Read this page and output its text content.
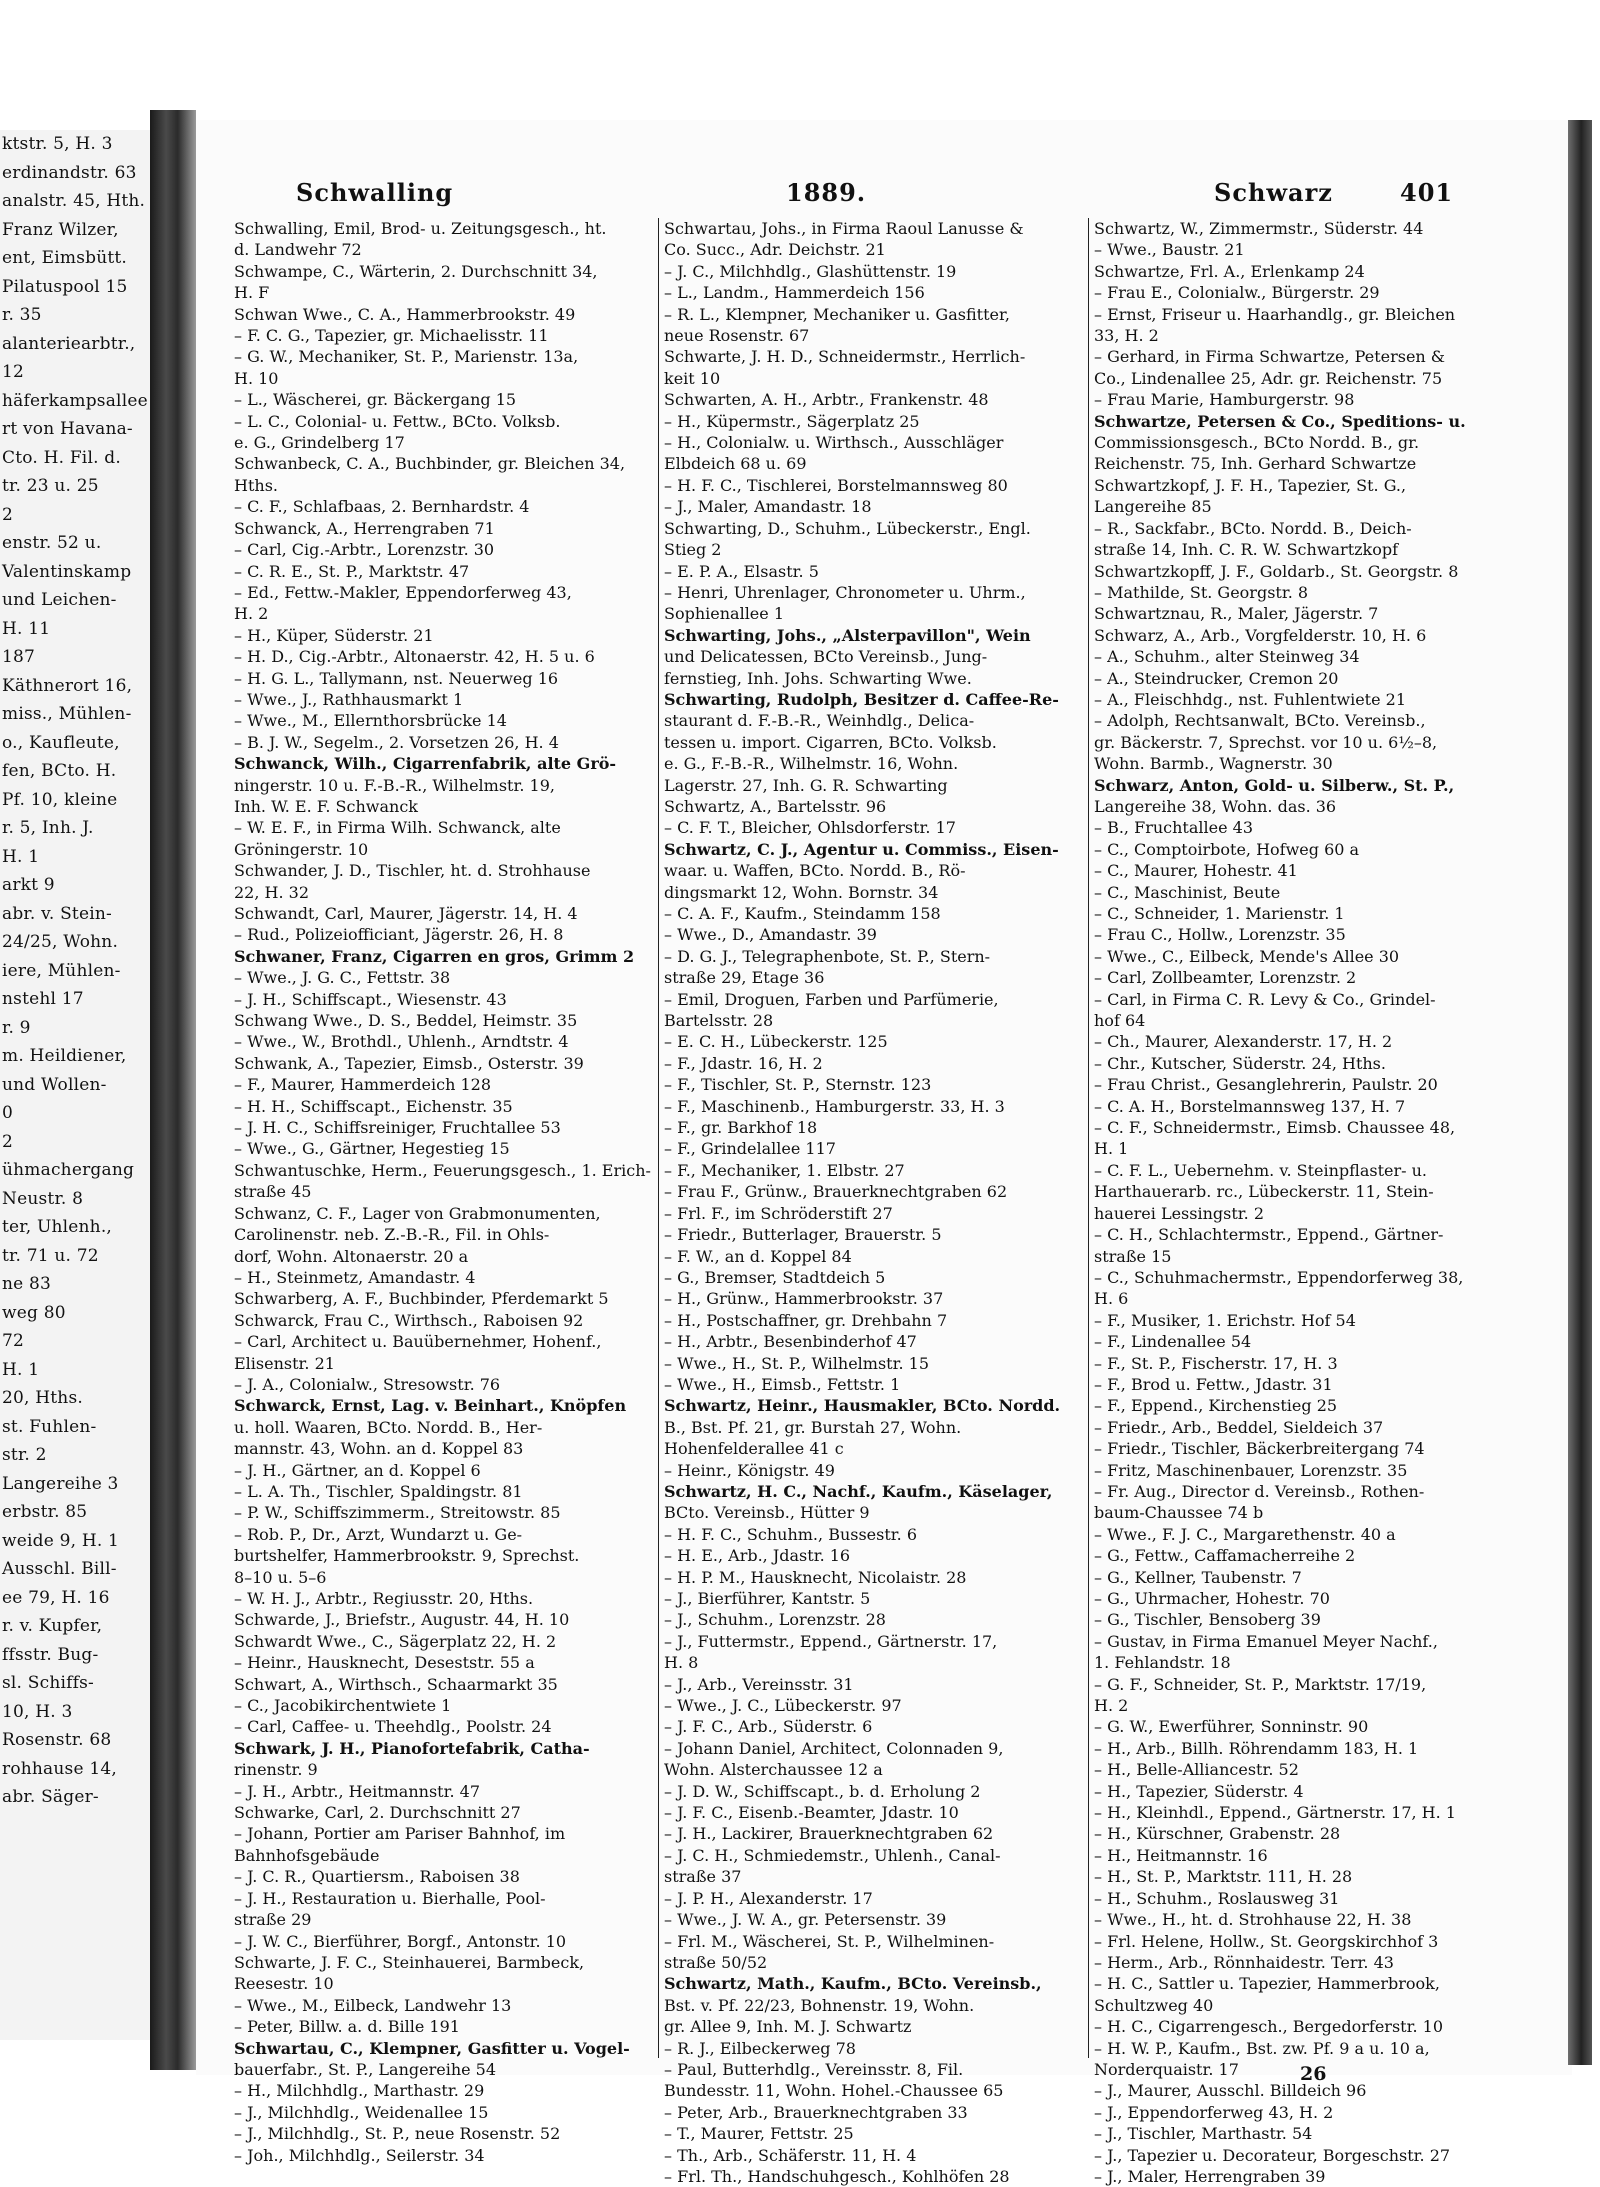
ktstr. 5, H. 3
erdinandstr. 63
analstr. 45, Hth.
Franz Wilzer,
ent, Eimsbütt.
Pilatuspool 15
r. 35
alanteriearbtr.,
12
häferkampsallee
rt von Havana-
Cto. H. Fil. d.
tr. 23 u. 25
2
enstr. 52 u.
Valentinskamp
und Leichen-
H. 11
187
Käthnerort 16,
miss., Mühlen-
o., Kaufleute,
fen, BCto. H.
Pf. 10, kleine
r. 5, Inh. J.
H. 1
arkt 9
abr. v. Stein-
24/25, Wohn.
iere, Mühlen-
nstehl 17
r. 9
m. Heildiener,
und Wollen-
0
2
ühmachergang
Neustr. 8
ter, Uhlenh.,
tr. 71 u. 72
ne 83
weg 80
72
H. 1
20, Hths.
st. Fuhlen-
str. 2
Langereihe 3
erbstr. 85
weide 9, H. 1
Ausschl. Bill-
ee 79, H. 16
r. v. Kupfer,
ffsstr. Bug-
sl. Schiffs-
10, H. 3
Rosenstr. 68
rohhause 14,
abr. Säger-
Schwalling	1889.	Schwarz	401
Schwalling, Emil, Brod- u. Zeitungsgesch., ht.
d. Landwehr 72
Schwampe, C., Wärterin, 2. Durchschnitt 34,
H. F
Schwan Wwe., C. A., Hammerbrookstr. 49
– F. C. G., Tapezier, gr. Michaelisstr. 11
– G. W., Mechaniker, St. P., Marienstr. 13a,
H. 10
– L., Wäscherei, gr. Bäckergang 15
– L. C., Colonial- u. Fettw., BCto. Volksb.
e. G., Grindelberg 17
Schwanbeck, C. A., Buchbinder, gr. Bleichen 34,
Hths.
– C. F., Schlafbaas, 2. Bernhardstr. 4
Schwanck, A., Herrengraben 71
– Carl, Cig.-Arbtr., Lorenzstr. 30
– C. R. E., St. P., Marktstr. 47
– Ed., Fettw.-Makler, Eppendorferweg 43,
H. 2
– H., Küper, Süderstr. 21
– H. D., Cig.-Arbtr., Altonaerstr. 42, H. 5 u. 6
– H. G. L., Tallymann, nst. Neuerweg 16
– Wwe., J., Rathhausmarkt 1
– Wwe., M., Ellernthorsbrücke 14
– B. J. W., Segelm., 2. Vorsetzen 26, H. 4
Schwanck, Wilh., Cigarrenfabrik, alte Grö-
ningerstr. 10 u. F.-B.-R., Wilhelmstr. 19,
Inh. W. E. F. Schwanck
– W. E. F., in Firma Wilh. Schwanck, alte
Gröningerstr. 10
Schwander, J. D., Tischler, ht. d. Strohhause
22, H. 32
Schwandt, Carl, Maurer, Jägerstr. 14, H. 4
– Rud., Polizeiofficiant, Jägerstr. 26, H. 8
Schwaner, Franz, Cigarren en gros, Grimm 2
– Wwe., J. G. C., Fettstr. 38
– J. H., Schiffscapt., Wiesenstr. 43
Schwang Wwe., D. S., Beddel, Heimstr. 35
– Wwe., W., Brothdl., Uhlenh., Arndtstr. 4
Schwank, A., Tapezier, Eimsb., Osterstr. 39
– F., Maurer, Hammerdeich 128
– H. H., Schiffscapt., Eichenstr. 35
– J. H. C., Schiffsreiniger, Fruchtallee 53
– Wwe., G., Gärtner, Hegestieg 15
Schwantuschke, Herm., Feuerungsgesch., 1. Erich-
straße 45
Schwanz, C. F., Lager von Grabmonumenten,
Carolinenstr. neb. Z.-B.-R., Fil. in Ohls-
dorf, Wohn. Altonaerstr. 20 a
– H., Steinmetz, Amandastr. 4
Schwarberg, A. F., Buchbinder, Pferdemarkt 5
Schwarck, Frau C., Wirthsch., Raboisen 92
– Carl, Architect u. Bauübernehmer, Hohenf.,
Elisenstr. 21
– J. A., Colonialw., Stresowstr. 76
Schwarck, Ernst, Lag. v. Beinhart., Knöpfen
u. holl. Waaren, BCto. Nordd. B., Her-
mannstr. 43, Wohn. an d. Koppel 83
– J. H., Gärtner, an d. Koppel 6
– L. A. Th., Tischler, Spaldingstr. 81
– P. W., Schiffszimmerm., Streitowstr. 85
– Rob. P., Dr., Arzt, Wundarzt u. Ge-
burtshelfer, Hammerbrookstr. 9, Sprechst.
8–10 u. 5–6
– W. H. J., Arbtr., Regiusstr. 20, Hths.
Schwarde, J., Briefstr., Augustr. 44, H. 10
Schwardt Wwe., C., Sägerplatz 22, H. 2
– Heinr., Hausknecht, Deseststr. 55 a
Schwart, A., Wirthsch., Schaarmarkt 35
– C., Jacobikirchentwiete 1
– Carl, Caffee- u. Theehdlg., Poolstr. 24
Schwark, J. H., Pianofortefabrik, Catha-
rinenstr. 9
– J. H., Arbtr., Heitmannstr. 47
Schwarke, Carl, 2. Durchschnitt 27
– Johann, Portier am Pariser Bahnhof, im
Bahnhofsgebäude
– J. C. R., Quartiersm., Raboisen 38
– J. H., Restauration u. Bierhalle, Pool-
straße 29
– J. W. C., Bierführer, Borgf., Antonstr. 10
Schwarte, J. F. C., Steinhauerei, Barmbeck,
Reesestr. 10
– Wwe., M., Eilbeck, Landwehr 13
– Peter, Billw. a. d. Bille 191
Schwartau, C., Klempner, Gasfitter u. Vogel-
bauerfabr., St. P., Langereihe 54
– H., Milchhdlg., Marthastr. 29
– J., Milchhdlg., Weidenallee 15
– J., Milchhdlg., St. P., neue Rosenstr. 52
– Joh., Milchhdlg., Seilerstr. 34
Schwartau, Johs., in Firma Raoul Lanusse &
Co. Succ., Adr. Deichstr. 21
– J. C., Milchhdlg., Glashüttenstr. 19
– L., Landm., Hammerdeich 156
– R. L., Klempner, Mechaniker u. Gasfitter,
neue Rosenstr. 67
Schwarte, J. H. D., Schneidermstr., Herrlich-
keit 10
Schwarten, A. H., Arbtr., Frankenstr. 48
– H., Küpermstr., Sägerplatz 25
– H., Colonialw. u. Wirthsch., Ausschläger
Elbdeich 68 u. 69
– H. F. C., Tischlerei, Borstelmannsweg 80
– J., Maler, Amandastr. 18
Schwarting, D., Schuhm., Lübeckerstr., Engl.
Stieg 2
– E. P. A., Elsastr. 5
– Henri, Uhrenlager, Chronometer u. Uhrm.,
Sophienallee 1
Schwarting, Johs., „Alsterpavillon", Wein
und Delicatessen, BCto Vereinsb., Jung-
fernstieg, Inh. Johs. Schwarting Wwe.
Schwarting, Rudolph, Besitzer d. Caffee-Re-
staurant d. F.-B.-R., Weinhdlg., Delica-
tessen u. import. Cigarren, BCto. Volksb.
e. G., F.-B.-R., Wilhelmstr. 16, Wohn.
Lagerstr. 27, Inh. G. R. Schwarting
Schwartz, A., Bartelsstr. 96
– C. F. T., Bleicher, Ohlsdorferstr. 17
Schwartz, C. J., Agentur u. Commiss., Eisen-
waar. u. Waffen, BCto. Nordd. B., Rö-
dingsmarkt 12, Wohn. Bornstr. 34
– C. A. F., Kaufm., Steindamm 158
– Wwe., D., Amandastr. 39
– D. G. J., Telegraphenbote, St. P., Stern-
straße 29, Etage 36
– Emil, Droguen, Farben und Parfümerie,
Bartelsstr. 28
– E. C. H., Lübeckerstr. 125
– F., Jdastr. 16, H. 2
– F., Tischler, St. P., Sternstr. 123
– F., Maschinenb., Hamburgerstr. 33, H. 3
– F., gr. Barkhof 18
– F., Grindelallee 117
– F., Mechaniker, 1. Elbstr. 27
– Frau F., Grünw., Brauerknechtgraben 62
– Frl. F., im Schröderstift 27
– Friedr., Butterlager, Brauerstr. 5
– F. W., an d. Koppel 84
– G., Bremser, Stadtdeich 5
– H., Grünw., Hammerbrookstr. 37
– H., Postschaffner, gr. Drehbahn 7
– H., Arbtr., Besenbinderhof 47
– Wwe., H., St. P., Wilhelmstr. 15
– Wwe., H., Eimsb., Fettstr. 1
Schwartz, Heinr., Hausmakler, BCto. Nordd.
B., Bst. Pf. 21, gr. Burstah 27, Wohn.
Hohenfelderallee 41 c
– Heinr., Königstr. 49
Schwartz, H. C., Nachf., Kaufm., Käselager,
BCto. Vereinsb., Hütter 9
– H. F. C., Schuhm., Bussestr. 6
– H. E., Arb., Jdastr. 16
– H. P. M., Hausknecht, Nicolaistr. 28
– J., Bierführer, Kantstr. 5
– J., Schuhm., Lorenzstr. 28
– J., Futtermstr., Eppend., Gärtnerstr. 17,
H. 8
– J., Arb., Vereinsstr. 31
– Wwe., J. C., Lübeckerstr. 97
– J. F. C., Arb., Süderstr. 6
– Johann Daniel, Architect, Colonnaden 9,
Wohn. Alsterchaussee 12 a
– J. D. W., Schiffscapt., b. d. Erholung 2
– J. F. C., Eisenb.-Beamter, Jdastr. 10
– J. H., Lackirer, Brauerknechtgraben 62
– J. C. H., Schmiedemstr., Uhlenh., Canal-
straße 37
– J. P. H., Alexanderstr. 17
– Wwe., J. W. A., gr. Petersenstr. 39
– Frl. M., Wäscherei, St. P., Wilhelminen-
straße 50/52
Schwartz, Math., Kaufm., BCto. Vereinsb.,
Bst. v. Pf. 22/23, Bohnenstr. 19, Wohn.
gr. Allee 9, Inh. M. J. Schwartz
– R. J., Eilbeckerweg 78
– Paul, Butterhdlg., Vereinsstr. 8, Fil.
Bundesstr. 11, Wohn. Hohel.-Chaussee 65
– Peter, Arb., Brauerknechtgraben 33
– T., Maurer, Fettstr. 25
– Th., Arb., Schäferstr. 11, H. 4
– Frl. Th., Handschuhgesch., Kohlhöfen 28
Schwartz, W., Zimmermstr., Süderstr. 44
– Wwe., Baustr. 21
Schwartze, Frl. A., Erlenkamp 24
– Frau E., Colonialw., Bürgerstr. 29
– Ernst, Friseur u. Haarhandlg., gr. Bleichen
33, H. 2
– Gerhard, in Firma Schwartze, Petersen &
Co., Lindenallee 25, Adr. gr. Reichenstr. 75
– Frau Marie, Hamburgerstr. 98
Schwartze, Petersen & Co., Speditions- u.
Commissionsgesch., BCto Nordd. B., gr.
Reichenstr. 75, Inh. Gerhard Schwartze
Schwartzkopf, J. F. H., Tapezier, St. G.,
Langereihe 85
– R., Sackfabr., BCto. Nordd. B., Deich-
straße 14, Inh. C. R. W. Schwartzkopf
Schwartzkopff, J. F., Goldarb., St. Georgstr. 8
– Mathilde, St. Georgstr. 8
Schwartznau, R., Maler, Jägerstr. 7
Schwarz, A., Arb., Vorgfelderstr. 10, H. 6
– A., Schuhm., alter Steinweg 34
– A., Steindrucker, Cremon 20
– A., Fleischhdg., nst. Fuhlentwiete 21
– Adolph, Rechtsanwalt, BCto. Vereinsb.,
gr. Bäckerstr. 7, Sprechst. vor 10 u. 6½–8,
Wohn. Barmb., Wagnerstr. 30
Schwarz, Anton, Gold- u. Silberw., St. P.,
Langereihe 38, Wohn. das. 36
– B., Fruchtallee 43
– C., Comptoirbote, Hofweg 60 a
– C., Maurer, Hohestr. 41
– C., Maschinist, Beute
– C., Schneider, 1. Marienstr. 1
– Frau C., Hollw., Lorenzstr. 35
– Wwe., C., Eilbeck, Mende's Allee 30
– Carl, Zollbeamter, Lorenzstr. 2
– Carl, in Firma C. R. Levy & Co., Grindel-
hof 64
– Ch., Maurer, Alexanderstr. 17, H. 2
– Chr., Kutscher, Süderstr. 24, Hths.
– Frau Christ., Gesanglehrerin, Paulstr. 20
– C. A. H., Borstelmannsweg 137, H. 7
– C. F., Schneidermstr., Eimsb. Chaussee 48,
H. 1
– C. F. L., Uebernehm. v. Steinpflaster- u.
Harthauerarb. rc., Lübeckerstr. 11, Stein-
hauerei Lessingstr. 2
– C. H., Schlachtermstr., Eppend., Gärtner-
straße 15
– C., Schuhmachermstr., Eppendorferweg 38,
H. 6
– F., Musiker, 1. Erichstr. Hof 54
– F., Lindenallee 54
– F., St. P., Fischerstr. 17, H. 3
– F., Brod u. Fettw., Jdastr. 31
– F., Eppend., Kirchenstieg 25
– Friedr., Arb., Beddel, Sieldeich 37
– Friedr., Tischler, Bäckerbreitergang 74
– Fritz, Maschinenbauer, Lorenzstr. 35
– Fr. Aug., Director d. Vereinsb., Rothen-
baum-Chaussee 74 b
– Wwe., F. J. C., Margarethenstr. 40 a
– G., Fettw., Caffamacherreihe 2
– G., Kellner, Taubenstr. 7
– G., Uhrmacher, Hohestr. 70
– G., Tischler, Bensoberg 39
– Gustav, in Firma Emanuel Meyer Nachf.,
1. Fehlandstr. 18
– G. F., Schneider, St. P., Marktstr. 17/19,
H. 2
– G. W., Ewerführer, Sonninstr. 90
– H., Arb., Billh. Röhrendamm 183, H. 1
– H., Belle-Alliancestr. 52
– H., Tapezier, Süderstr. 4
– H., Kleinhdl., Eppend., Gärtnerstr. 17, H. 1
– H., Kürschner, Grabenstr. 28
– H., Heitmannstr. 16
– H., St. P., Marktstr. 111, H. 28
– H., Schuhm., Roslausweg 31
– Wwe., H., ht. d. Strohhause 22, H. 38
– Frl. Helene, Hollw., St. Georgskirchhof 3
– Herm., Arb., Rönnhaidestr. Terr. 43
– H. C., Sattler u. Tapezier, Hammerbrook,
Schultzweg 40
– H. C., Cigarrengesch., Bergedorferstr. 10
– H. W. P., Kaufm., Bst. zw. Pf. 9 a u. 10 a,
Norderquaistr. 17
– J., Maurer, Ausschl. Billdeich 96
– J., Eppendorferweg 43, H. 2
– J., Tischler, Marthastr. 54
– J., Tapezier u. Decorateur, Borgeschstr. 27
– J., Maler, Herrengraben 39
26
